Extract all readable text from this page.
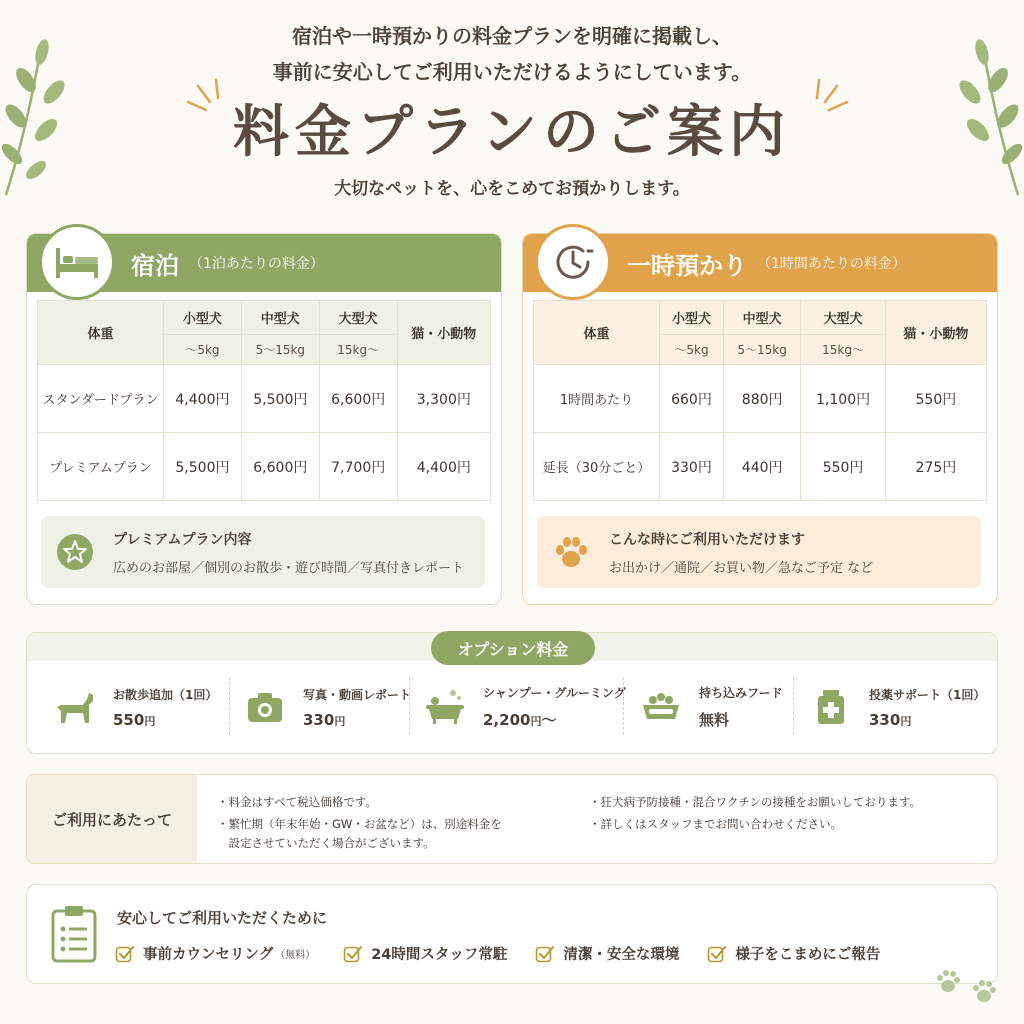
宿泊や一時預かりの料金プランを明確に掲載し、
事前に安心してご利用いただけるようにしています。
料金プランのご案内
大切なペットを、心をこめてお預かりします。
宿泊 （1泊あたりの料金）
体重	小型犬	中型犬	大型犬	猫・小動物
	〜5kg	5〜15kg	15kg〜	
スタンダードプラン	4,400円	5,500円	6,600円	3,300円
プレミアムプラン	5,500円	6,600円	7,700円	4,400円
プレミアムプラン内容
広めのお部屋／個別のお散歩・遊び時間／写真付きレポート
一時預かり （1時間あたりの料金）
体重	小型犬	中型犬	大型犬	猫・小動物
	〜5kg	5〜15kg	15kg〜	
1時間あたり	660円	880円	1,100円	550円
延長（30分ごと）	330円	440円	550円	275円
こんな時にご利用いただけます
お出かけ／通院／お買い物／急なご予定 など
オプション料金
お散歩追加（1回）
550円
写真・動画レポート
330円
シャンプー・グルーミング
2,200円〜
持ち込みフード
無料
投薬サポート（1回）
330円
ご利用にあたって

・料金はすべて税込価格です。

・繁忙期（年末年始・GW・お盆など）は、別途料金を

　設定させていただく場合がございます。

・狂犬病予防接種・混合ワクチンの接種をお願いしております。

・詳しくはスタッフまでお問い合わせください。

安心してご利用いただくために
事前カウンセリング （無料）	24時間スタッフ常駐	清潔・安全な環境	様子をこまめにご報告
